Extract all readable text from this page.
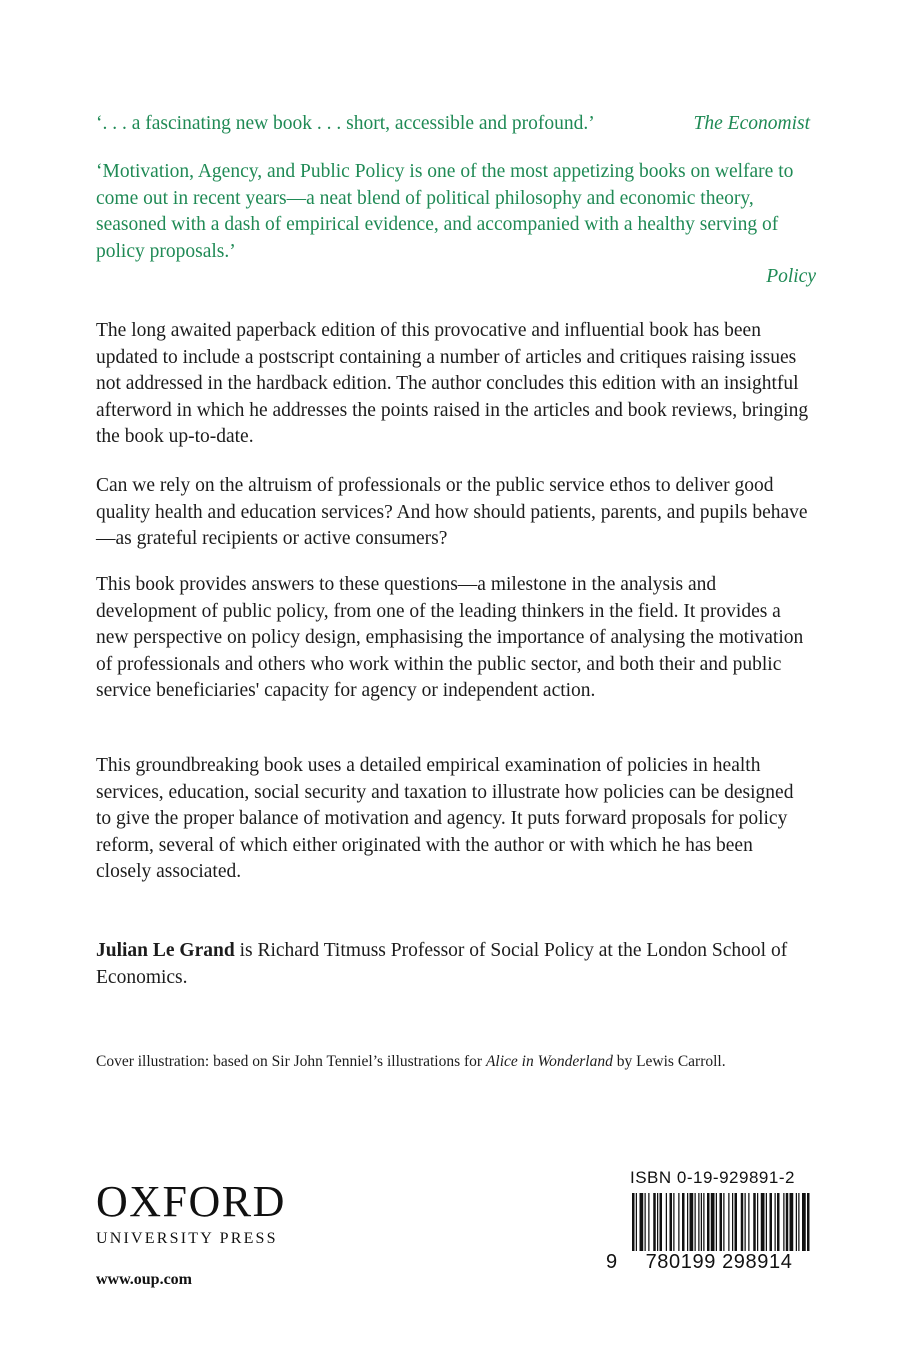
‘. . . a fascinating new book . . . short, accessible and profound.’	The Economist
‘Motivation, Agency, and Public Policy is one of the most appetizing books on welfare to come out in recent years—a neat blend of political philosophy and economic theory, seasoned with a dash of empirical evidence, and accompanied with a healthy serving of policy proposals.’
Policy

The long awaited paperback edition of this provocative and influential book has been updated to include a postscript containing a number of articles and critiques raising issues not addressed in the hardback edition. The author concludes this edition with an insightful afterword in which he addresses the points raised in the articles and book reviews, bringing the book up-to-date.

Can we rely on the altruism of professionals or the public service ethos to deliver good quality health and education services? And how should patients, parents, and pupils behave—as grateful recipients or active consumers?

This book provides answers to these questions—a milestone in the analysis and development of public policy, from one of the leading thinkers in the field. It provides a new perspective on policy design, emphasising the importance of analysing the motivation of professionals and others who work within the public sector, and both their and public service beneficiaries' capacity for agency or independent action.

This groundbreaking book uses a detailed empirical examination of policies in health services, education, social security and taxation to illustrate how policies can be designed to give the proper balance of motivation and agency. It puts forward proposals for policy reform, several of which either originated with the author or with which he has been closely associated.

Julian Le Grand is Richard Titmuss Professor of Social Policy at the London School of Economics.

Cover illustration: based on Sir John Tenniel’s illustrations for Alice in Wonderland by Lewis Carroll.
OXFORD
UNIVERSITY PRESS
www.oup.com
ISBN 0-19-929891-2
9	780199 298914
